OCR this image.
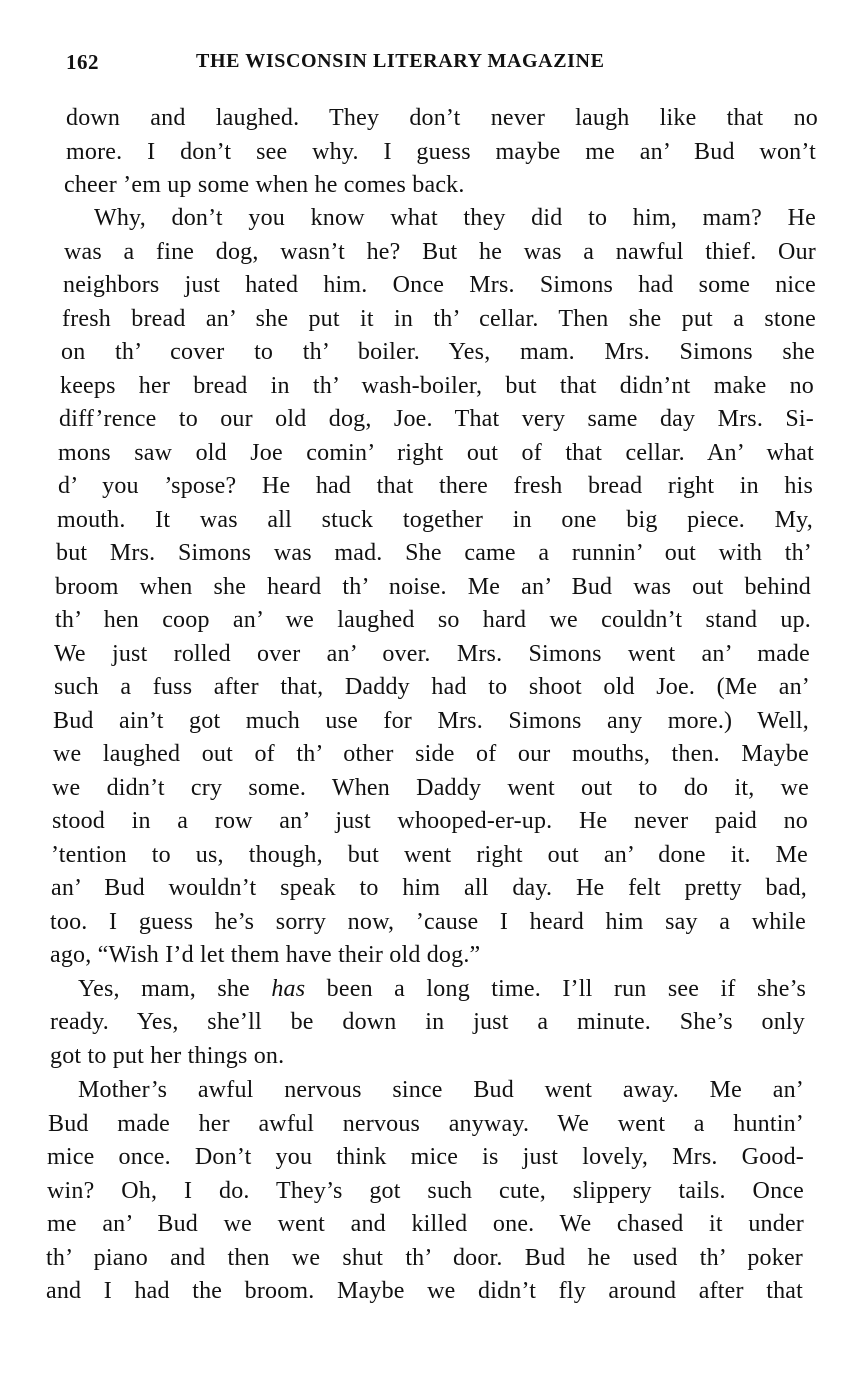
162	THE WISCONSIN LITERARY MAGAZINE
down and laughed. They don’t never laugh like that no
more. I don’t see why. I guess maybe me an’ Bud won’t
cheer ’em up some when he comes back.
Why, don’t you know what they did to him, mam? He
was a fine dog, wasn’t he? But he was a nawful thief. Our
neighbors just hated him. Once Mrs. Simons had some nice
fresh bread an’ she put it in th’ cellar. Then she put a stone
on th’ cover to th’ boiler. Yes, mam. Mrs. Simons she
keeps her bread in th’ wash-boiler, but that didn’nt make no
diff’rence to our old dog, Joe. That very same day Mrs. Si-
mons saw old Joe comin’ right out of that cellar. An’ what
d’ you ’spose? He had that there fresh bread right in his
mouth. It was all stuck together in one big piece. My,
but Mrs. Simons was mad. She came a runnin’ out with th’
broom when she heard th’ noise. Me an’ Bud was out behind
th’ hen coop an’ we laughed so hard we couldn’t stand up.
We just rolled over an’ over. Mrs. Simons went an’ made
such a fuss after that, Daddy had to shoot old Joe. (Me an’
Bud ain’t got much use for Mrs. Simons any more.) Well,
we laughed out of th’ other side of our mouths, then. Maybe
we didn’t cry some. When Daddy went out to do it, we
stood in a row an’ just whooped-er-up. He never paid no
’tention to us, though, but went right out an’ done it. Me
an’ Bud wouldn’t speak to him all day. He felt pretty bad,
too. I guess he’s sorry now, ’cause I heard him say a while
ago, “Wish I’d let them have their old dog.”
Yes, mam, she has been a long time. I’ll run see if she’s
ready. Yes, she’ll be down in just a minute. She’s only
got to put her things on.
Mother’s awful nervous since Bud went away. Me an’
Bud made her awful nervous anyway. We went a huntin’
mice once. Don’t you think mice is just lovely, Mrs. Good-
win? Oh, I do. They’s got such cute, slippery tails. Once
me an’ Bud we went and killed one. We chased it under
th’ piano and then we shut th’ door. Bud he used th’ poker
and I had the broom. Maybe we didn’t fly around after that
